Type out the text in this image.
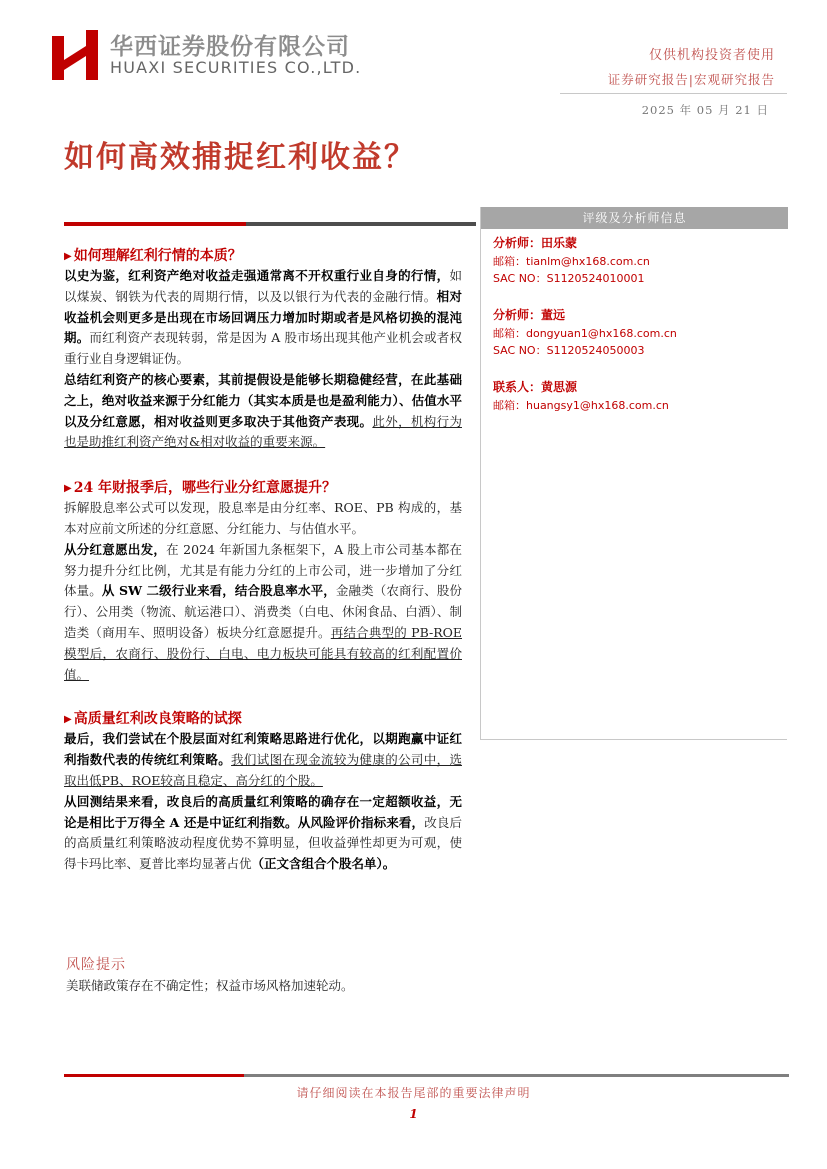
华西证券股份有限公司
HUAXI SECURITIES CO.,LTD.
仅供机构投资者使用
证券研究报告|宏观研究报告
2025 年 05 月 21 日
如何高效捕捉红利收益？
▶ 如何理解红利行情的本质？

以史为鉴，红利资产绝对收益走强通常离不开权重行业自身的行情，如以煤炭、钢铁为代表的周期行情，以及以银行为代表的金融行情。相对收益机会则更多是出现在市场回调压力增加时期或者是风格切换的混沌期。而红利资产表现转弱，常是因为 A 股市场出现其他产业机会或者权重行业自身逻辑证伪。

总结红利资产的核心要素，其前提假设是能够长期稳健经营，在此基础之上，绝对收益来源于分红能力（其实本质是也是盈利能力）、估值水平以及分红意愿，相对收益则更多取决于其他资产表现。此外，机构行为也是助推红利资产绝对&相对收益的重要来源。

▶ 24 年财报季后，哪些行业分红意愿提升？

拆解股息率公式可以发现，股息率是由分红率、ROE、PB 构成的，基本对应前文所述的分红意愿、分红能力、与估值水平。

从分红意愿出发，在 2024 年新国九条框架下，A 股上市公司基本都在努力提升分红比例，尤其是有能力分红的上市公司，进一步增加了分红体量。从 SW 二级行业来看，结合股息率水平，金融类（农商行、股份行）、公用类（物流、航运港口）、消费类（白电、休闲食品、白酒）、制造类（商用车、照明设备）板块分红意愿提升。再结合典型的 PB-ROE 模型后，农商行、股份行、白电、电力板块可能具有较高的红利配置价值。

▶ 高质量红利改良策略的试探

最后，我们尝试在个股层面对红利策略思路进行优化，以期跑赢中证红利指数代表的传统红利策略。我们试图在现金流较为健康的公司中，选取出低PB、ROE较高且稳定、高分红的个股。

从回测结果来看，改良后的高质量红利策略的确存在一定超额收益，无论是相比于万得全 A 还是中证红利指数。从风险评价指标来看，改良后的高质量红利策略波动程度优势不算明显，但收益弹性却更为可观，使得卡玛比率、夏普比率均显著占优（正文含组合个股名单）。

风险提示
美联储政策存在不确定性；权益市场风格加速轮动。
评级及分析师信息
分析师：田乐蒙
邮箱：tianlm@hx168.com.cn
SAC NO：S1120524010001
分析师：董远
邮箱：dongyuan1@hx168.com.cn
SAC NO：S1120524050003
联系人：黄思源
邮箱：huangsy1@hx168.com.cn
请仔细阅读在本报告尾部的重要法律声明
1
